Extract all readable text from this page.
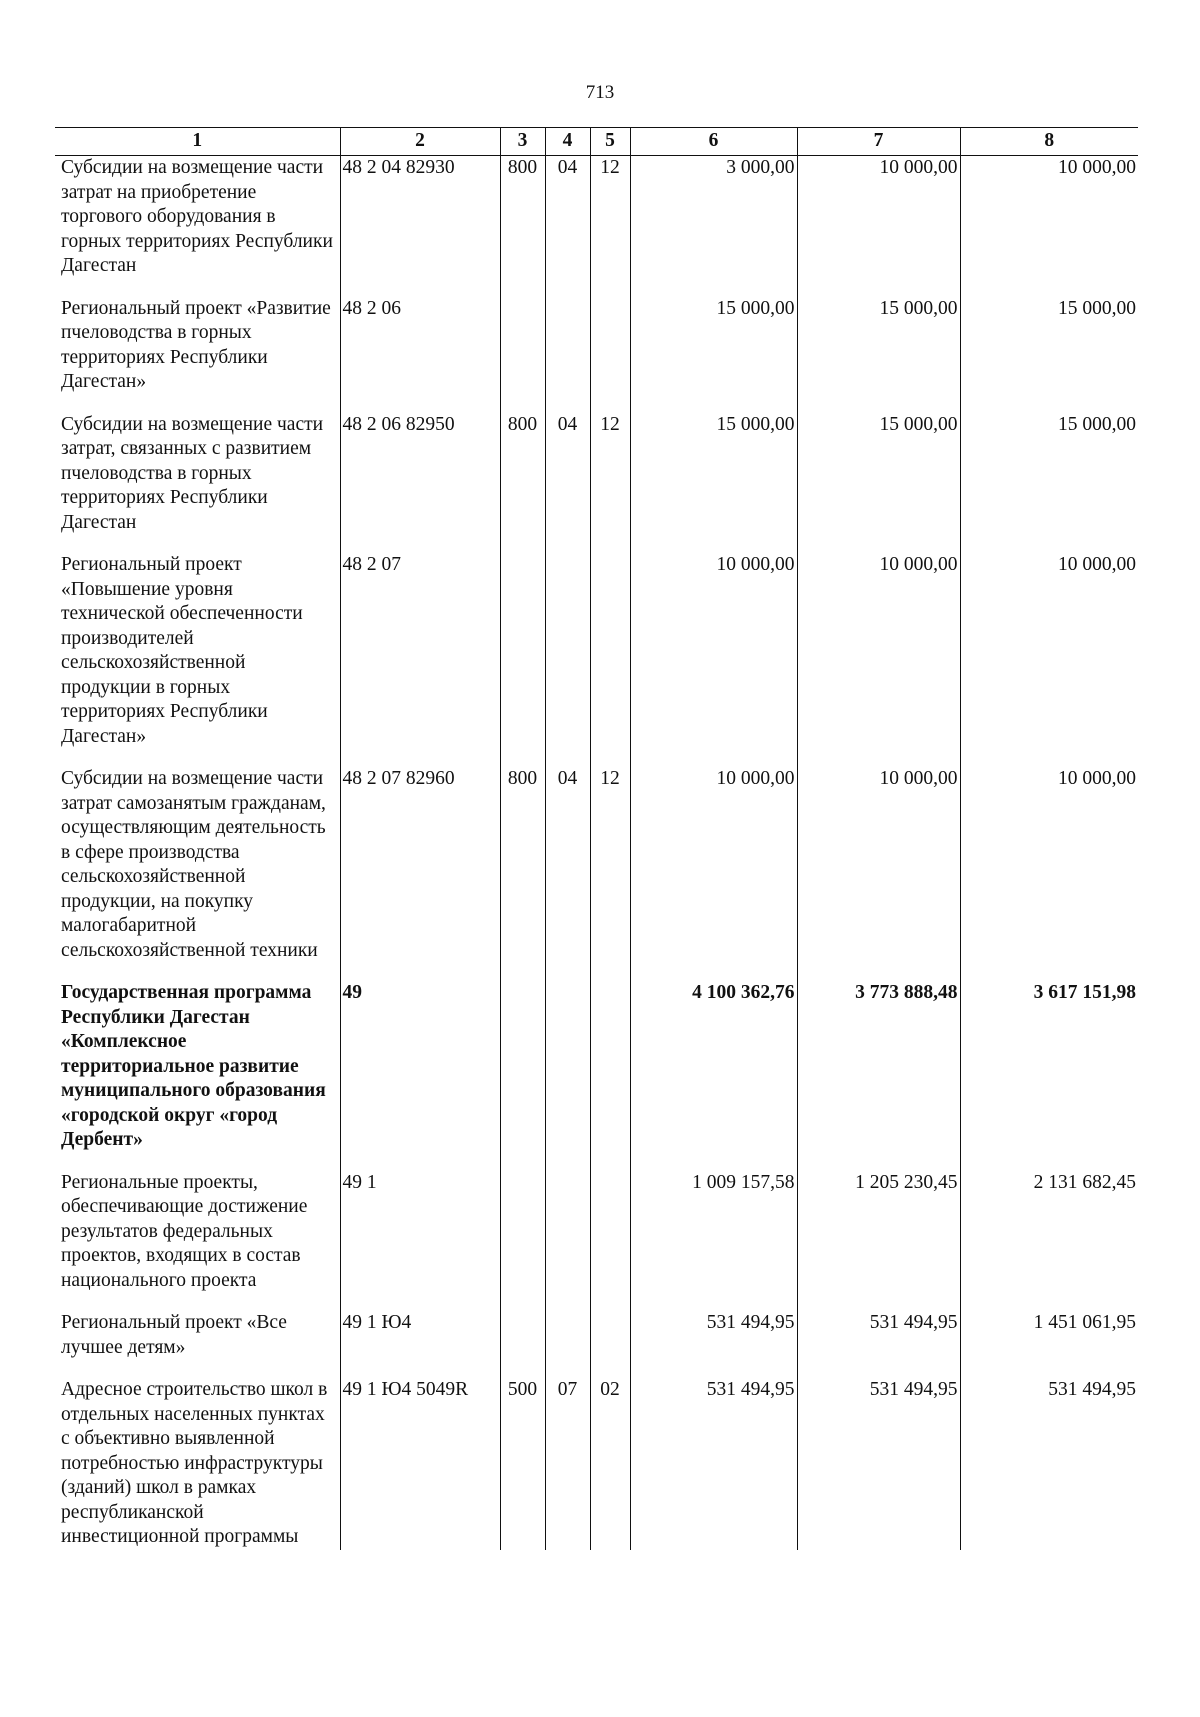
713
1	2	3	4	5	6	7	8
Субсидии на возмещение части затрат на приобретение торгового оборудования в горных территориях Республики Дагестан	48 2 04 82930	800	04	12	3 000,00	10 000,00	10 000,00

Региональный проект «Развитие пчеловодства в горных территориях Республики Дагестан»	48 2 06				15 000,00	15 000,00	15 000,00

Субсидии на возмещение части затрат, связанных с развитием пчеловодства в горных территориях Республики Дагестан	48 2 06 82950	800	04	12	15 000,00	15 000,00	15 000,00

Региональный проект «Повышение уровня технической обеспеченности производителей сельскохозяйственной продукции в горных территориях Республики Дагестан»	48 2 07				10 000,00	10 000,00	10 000,00

Субсидии на возмещение части затрат самозанятым гражданам, осуществляющим деятельность в сфере производства сельскохозяйственной продукции, на покупку малогабаритной сельскохозяйственной техники	48 2 07 82960	800	04	12	10 000,00	10 000,00	10 000,00

Государственная программа Республики Дагестан «Комплексное территориальное развитие муниципального образования «городской округ «город Дербент»	49				4 100 362,76	3 773 888,48	3 617 151,98

Региональные проекты, обеспечивающие достижение результатов федеральных проектов, входящих в состав национального проекта	49 1				1 009 157,58	1 205 230,45	2 131 682,45

Региональный проект «Все лучшее детям»	49 1 Ю4				531 494,95	531 494,95	1 451 061,95

Адресное строительство школ в отдельных населенных пунктах с объективно выявленной потребностью инфраструктуры (зданий) школ в рамках республиканской инвестиционной программы	49 1 Ю4 5049R	500	07	02	531 494,95	531 494,95	531 494,95
